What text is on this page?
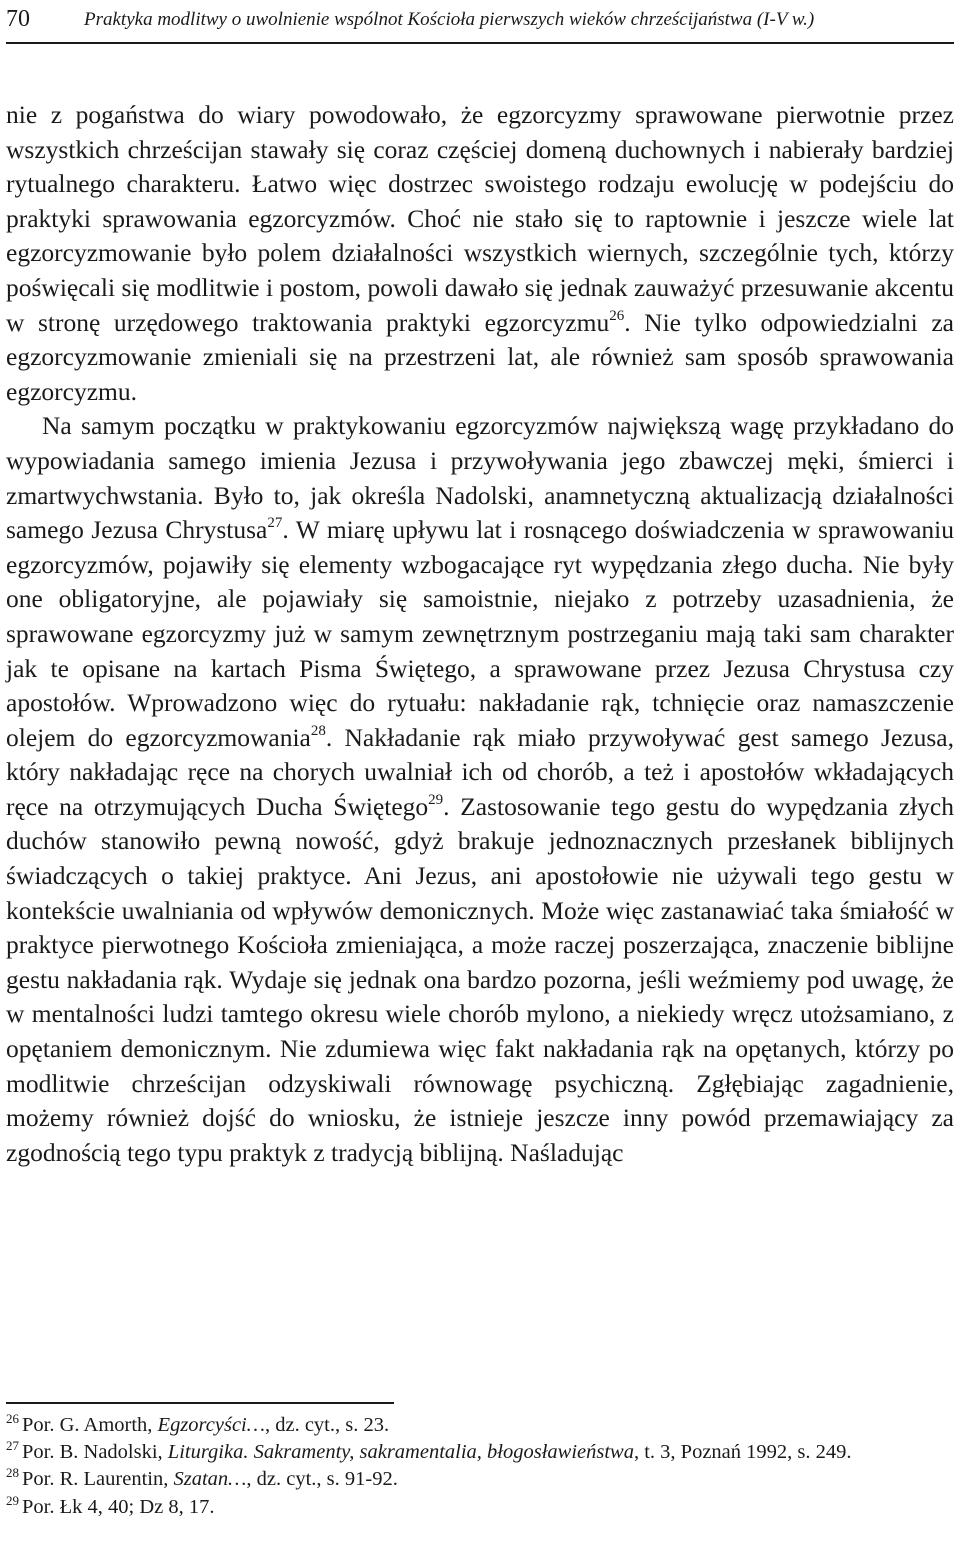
70	Praktyka modlitwy o uwolnienie wspólnot Kościoła pierwszych wieków chrześcijaństwa (I-V w.)

nie z pogaństwa do wiary powodowało, że egzorcyzmy sprawowane pierwotnie przez wszystkich chrześcijan stawały się coraz częściej domeną duchownych i nabierały bardziej rytualnego charakteru. Łatwo więc dostrzec swoistego rodzaju ewolucję w podejściu do praktyki sprawowania egzorcyzmów. Choć nie stało się to raptownie i jeszcze wiele lat egzorcyzmowanie było polem działalności wszystkich wiernych, szczególnie tych, którzy poświęcali się modlitwie i postom, powoli dawało się jednak zauważyć przesuwanie akcentu w stronę urzędowego traktowania praktyki egzorcyzmu$^{26}$. Nie tylko odpowiedzialni za egzorcyzmowanie zmieniali się na przestrzeni lat, ale również sam sposób sprawowania egzorcyzmu.

Na samym początku w praktykowaniu egzorcyzmów największą wagę przykładano do wypowiadania samego imienia Jezusa i przywoływania jego zbawczej męki, śmierci i zmartwychwstania. Było to, jak określa Nadolski, anamnetyczną aktualizacją działalności samego Jezusa Chrystusa$^{27}$. W miarę upływu lat i rosnącego doświadczenia w sprawowaniu egzorcyzmów, pojawiły się elementy wzbogacające ryt wypędzania złego ducha. Nie były one obligatoryjne, ale pojawiały się samoistnie, niejako z potrzeby uzasadnienia, że sprawowane egzorcyzmy już w samym zewnętrznym postrzeganiu mają taki sam charakter jak te opisane na kartach Pisma Świętego, a sprawowane przez Jezusa Chrystusa czy apostołów. Wprowadzono więc do rytuału: nakładanie rąk, tchnięcie oraz namaszczenie olejem do egzorcyzmowania$^{28}$. Nakładanie rąk miało przywoływać gest samego Jezusa, który nakładając ręce na chorych uwalniał ich od chorób, a też i apostołów wkładających ręce na otrzymujących Ducha Świętego$^{29}$. Zastosowanie tego gestu do wypędzania złych duchów stanowiło pewną nowość, gdyż brakuje jednoznacznych przesłanek biblijnych świadczących o takiej praktyce. Ani Jezus, ani apostołowie nie używali tego gestu w kontekście uwalniania od wpływów demonicznych. Może więc zastanawiać taka śmiałość w praktyce pierwotnego Kościoła zmieniająca, a może raczej poszerzająca, znaczenie biblijne gestu nakładania rąk. Wydaje się jednak ona bardzo pozorna, jeśli weźmiemy pod uwagę, że w mentalności ludzi tamtego okresu wiele chorób mylono, a niekiedy wręcz utożsamiano, z opętaniem demonicznym. Nie zdumiewa więc fakt nakładania rąk na opętanych, którzy po modlitwie chrześcijan odzyskiwali równowagę psychiczną. Zgłębiając zagadnienie, możemy również dojść do wniosku, że istnieje jeszcze inny powód przemawiający za zgodnością tego typu praktyk z tradycją biblijną. Naśladując

$^{26}$ Por. G. Amorth, Egzorcyści…, dz. cyt., s. 23.

$^{27}$ Por. B. Nadolski, Liturgika. Sakramenty, sakramentalia, błogosławieństwa, t. 3, Poznań 1992, s. 249.

$^{28}$ Por. R. Laurentin, Szatan…, dz. cyt., s. 91-92.

$^{29}$ Por. Łk 4, 40; Dz 8, 17.
